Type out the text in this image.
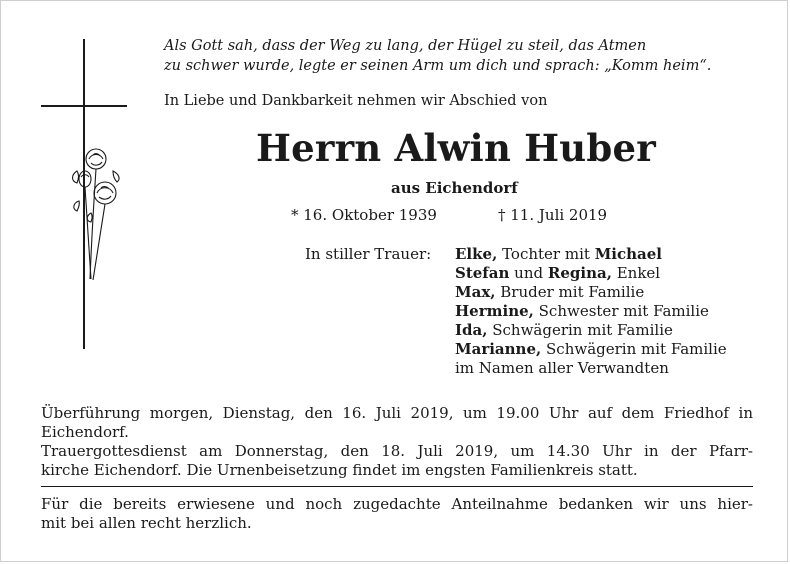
Als Gott sah, dass der Weg zu lang, der Hügel zu steil, das Atmen
zu schwer wurde, legte er seinen Arm um dich und sprach: „Komm heim“.
In Liebe und Dankbarkeit nehmen wir Abschied von
Herrn Alwin Huber
aus Eichendorf
* 16. Oktober 1939	† 11. Juli 2019
In stiller Trauer: Elke, Tochter mit Michael
Stefan und Regina, Enkel
Max, Bruder mit Familie
Hermine, Schwester mit Familie
Ida, Schwägerin mit Familie
Marianne, Schwägerin mit Familie
im Namen aller Verwandten
Überführung morgen, Dienstag, den 16. Juli 2019, um 19.00 Uhr auf dem Friedhof in
Eichendorf.
Trauergottesdienst am Donnerstag, den 18. Juli 2019, um 14.30 Uhr in der Pfarr-
kirche Eichendorf. Die Urnenbeisetzung findet im engsten Familienkreis statt.
Für die bereits erwiesene und noch zugedachte Anteilnahme bedanken wir uns hier-
mit bei allen recht herzlich.
